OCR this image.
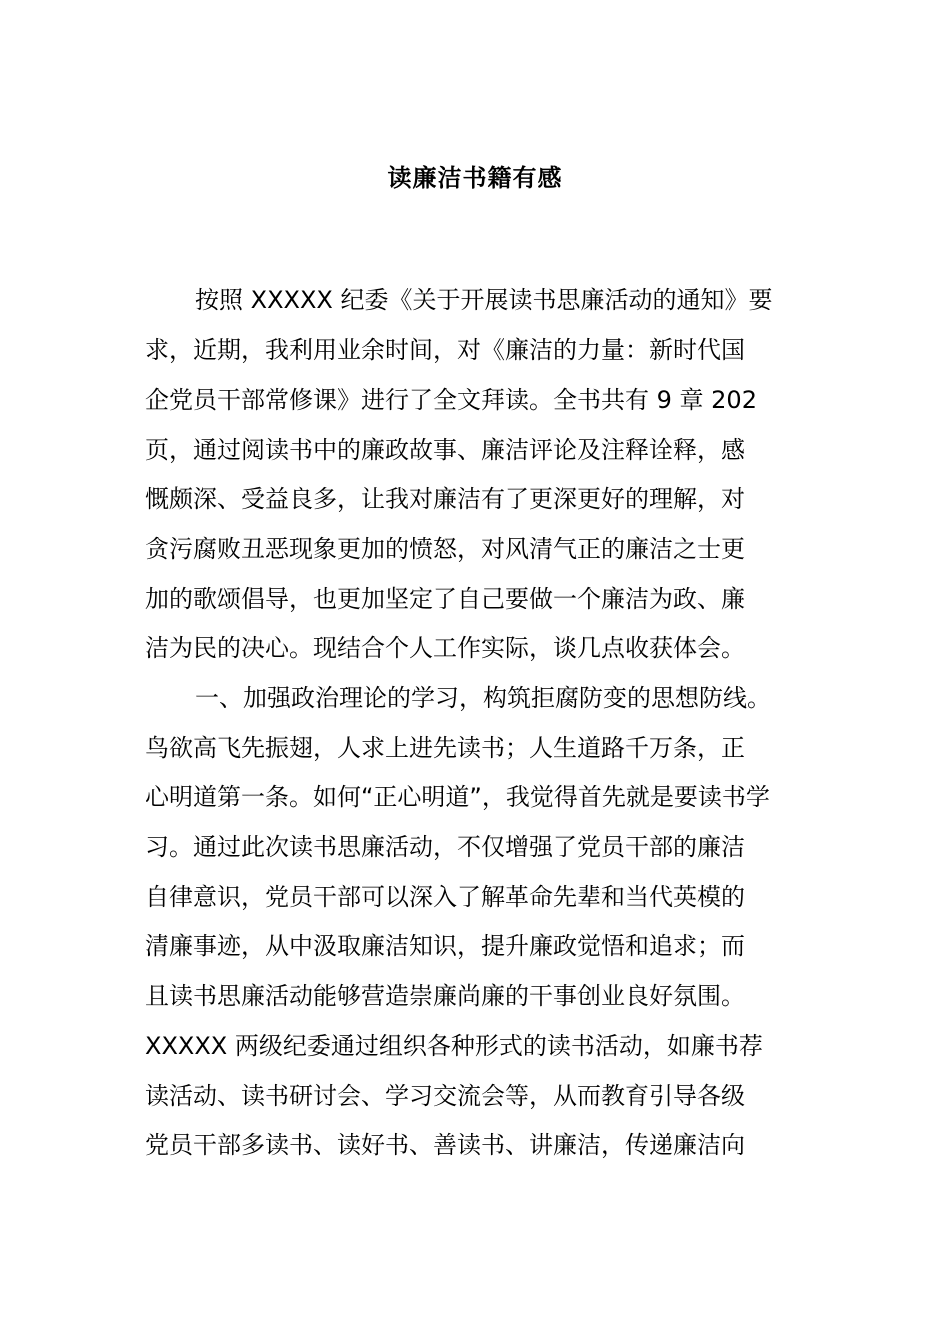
读廉洁书籍有感
按照 XXXXX 纪委《关于开展读书思廉活动的通知》要
求，近期，我利用业余时间，对《廉洁的力量：新时代国
企党员干部常修课》进行了全文拜读。全书共有 9 章 202
页，通过阅读书中的廉政故事、廉洁评论及注释诠释，感
慨颇深、受益良多，让我对廉洁有了更深更好的理解，对
贪污腐败丑恶现象更加的愤怒，对风清气正的廉洁之士更
加的歌颂倡导，也更加坚定了自己要做一个廉洁为政、廉
洁为民的决心。现结合个人工作实际，谈几点收获体会。
一、加强政治理论的学习，构筑拒腐防变的思想防线。
鸟欲高飞先振翅，人求上进先读书；人生道路千万条，正
心明道第一条。如何“正心明道”，我觉得首先就是要读书学
习。通过此次读书思廉活动，不仅增强了党员干部的廉洁
自律意识，党员干部可以深入了解革命先辈和当代英模的
清廉事迹，从中汲取廉洁知识，提升廉政觉悟和追求；而
且读书思廉活动能够营造崇廉尚廉的干事创业良好氛围。
XXXXX 两级纪委通过组织各种形式的读书活动，如廉书荐
读活动、读书研讨会、学习交流会等，从而教育引导各级
党员干部多读书、读好书、善读书、讲廉洁，传递廉洁向
